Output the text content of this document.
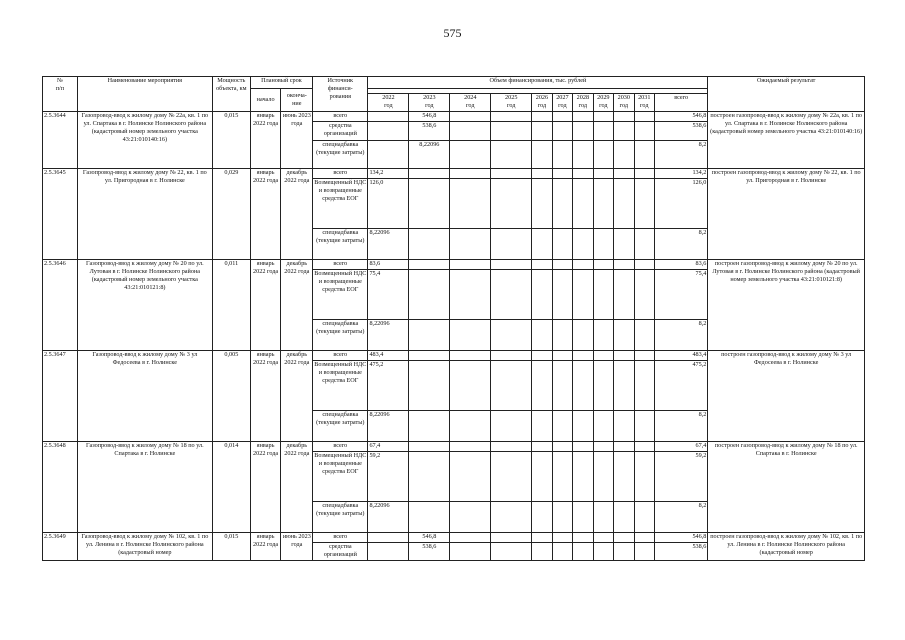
575
№
п/п	Наименование мероприятия	Мощность объекта, км	Плановый срок		Источник
финанси-
рования	Объем финансирования, тыс. рублей											Ожидаемый результат
			начало	оконча-
ние													
						2022
год	2023
год	2024
год	2025
год	2026
год	2027
год	2028
год	2029
год	2030
год	2031
год	всего	
2.5.3644	Газопровод-ввод к жилому дому № 22а, кв. 1 по ул. Спартака в г. Нолинске Нолинского района (кадастровый номер земельного участка 43:21:010140:16)	0,015	январь 2022 года	июнь 2023 года	всего		546,8									546,8	построен газопровод-ввод к жилому дому № 22а, кв. 1 по ул. Спартака в г. Нолинске Нолинского района (кадастровый номер земельного участка 43:21:010140:16)
					средства организаций		538,6									538,6	
					спецнадбавка (текущие затраты)		8,22096									8,2	
2.5.3645	Газопровод-ввод к жилому дому № 22, кв. 1 по ул. Пригородная в г. Нолинске	0,029	январь 2022 года	декабрь 2022 года	всего	134,2										134,2	построен газопровод-ввод к жилому дому № 22, кв. 1 по ул. Пригородная в г. Нолинске
					Возмещенный НДС и возвращенные средства ЕОГ	126,0										126,0	
					спецнадбавка (текущие затраты)	8,22096										8,2	
2.5.3646	Газопровод-ввод к жилому дому № 20 по ул. Лутовая в г. Нолинске Нолинского района (кадастровый номер земельного участка 43:21:010121:8)	0,011	январь 2022 года	декабрь 2022 года	всего	83,6										83,6	построен газопровод-ввод к жилому дому № 20 по ул. Лутовая в г. Нолинске Нолинского района (кадастровый номер земельного участка 43:21:010121:8)
					Возмещенный НДС и возвращенные средства ЕОГ	75,4										75,4	
					спецнадбавка (текущие затраты)	8,22096										8,2	
2.5.3647	Газопровод-ввод к жилому дому № 3 ул Федосеева в г. Нолинске	0,005	январь 2022 года	декабрь 2022 года	всего	483,4										483,4	построен газопровод-ввод к жилому дому № 3 ул Федосеева в г. Нолинске
					Возмещенный НДС и возвращенные средства ЕОГ	475,2										475,2	
					спецнадбавка (текущие затраты)	8,22096										8,2	
2.5.3648	Газопровод-ввод к жилому дому № 18 по ул. Спартака в г. Нолинске	0,014	январь 2022 года	декабрь 2022 года	всего	67,4										67,4	построен газопровод-ввод к жилому дому № 18 по ул. Спартака в г. Нолинске
					Возмещенный НДС и возвращенные средства ЕОГ	59,2										59,2	
					спецнадбавка (текущие затраты)	8,22096										8,2	
2.5.3649	Газопровод-ввод к жилому дому № 102, кв. 1 по ул. Ленина в г. Нолинске Нолинского района (кадастровый номер	0,015	январь 2022 года	июнь 2023 года	всего		546,8									546,8	построен газопровод-ввод к жилому дому № 102, кв. 1 по ул. Ленина в г. Нолинске Нолинского района (кадастровый номер
					средства организаций		538,6									538,6	
